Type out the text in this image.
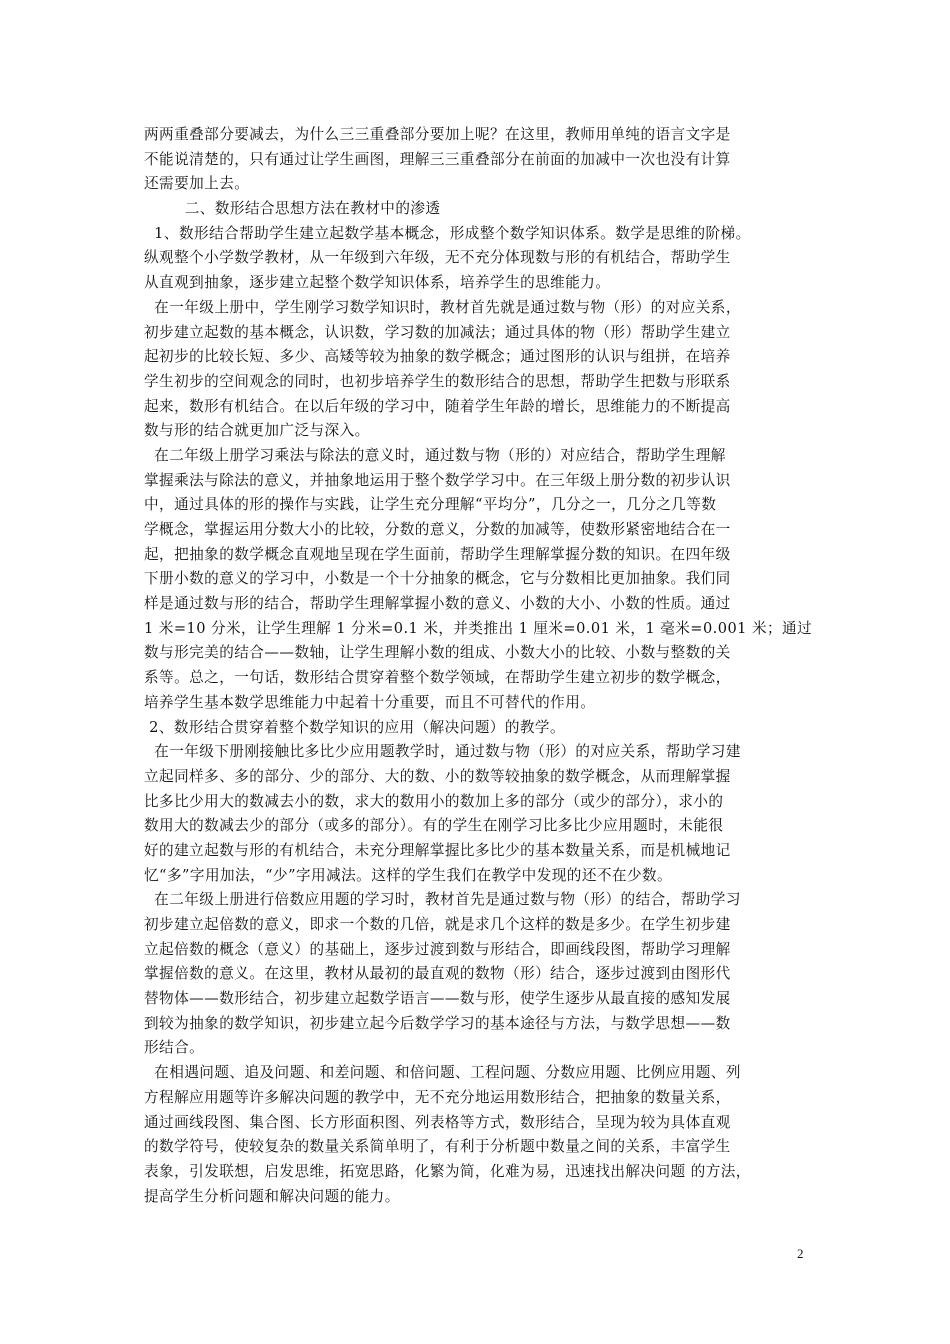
两两重叠部分要减去，为什么三三重叠部分要加上呢？在这里，教师用单纯的语言文字是
不能说清楚的，只有通过让学生画图，理解三三重叠部分在前面的加减中一次也没有计算
还需要加上去。
二、数形结合思想方法在教材中的渗透
1、数形结合帮助学生建立起数学基本概念，形成整个数学知识体系。数学是思维的阶梯。
纵观整个小学数学教材，从一年级到六年级，无不充分体现数与形的有机结合，帮助学生
从直观到抽象，逐步建立起整个数学知识体系，培养学生的思维能力。
在一年级上册中，学生刚学习数学知识时，教材首先就是通过数与物（形）的对应关系，
初步建立起数的基本概念，认识数，学习数的加减法；通过具体的物（形）帮助学生建立
起初步的比较长短、多少、高矮等较为抽象的数学概念；通过图形的认识与组拼，在培养
学生初步的空间观念的同时，也初步培养学生的数形结合的思想，帮助学生把数与形联系
起来，数形有机结合。在以后年级的学习中，随着学生年龄的增长，思维能力的不断提高
数与形的结合就更加广泛与深入。
在二年级上册学习乘法与除法的意义时，通过数与物（形的）对应结合，帮助学生理解
掌握乘法与除法的意义，并抽象地运用于整个数学学习中。在三年级上册分数的初步认识
中，通过具体的形的操作与实践，让学生充分理解“平均分”，几分之一，几分之几等数
学概念，掌握运用分数大小的比较，分数的意义，分数的加减等，使数形紧密地结合在一
起，把抽象的数学概念直观地呈现在学生面前，帮助学生理解掌握分数的知识。在四年级
下册小数的意义的学习中，小数是一个十分抽象的概念，它与分数相比更加抽象。我们同
样是通过数与形的结合，帮助学生理解掌握小数的意义、小数的大小、小数的性质。通过
1 米=10 分米，让学生理解 1 分米=0.1 米，并类推出 1 厘米=0.01 米，1 毫米=0.001 米；通过
数与形完美的结合——数轴，让学生理解小数的组成、小数大小的比较、小数与整数的关
系等。总之，一句话，数形结合贯穿着整个数学领域，在帮助学生建立初步的数学概念，
培养学生基本数学思维能力中起着十分重要，而且不可替代的作用。
2、数形结合贯穿着整个数学知识的应用（解决问题）的教学。
在一年级下册刚接触比多比少应用题教学时，通过数与物（形）的对应关系，帮助学习建
立起同样多、多的部分、少的部分、大的数、小的数等较抽象的数学概念，从而理解掌握
比多比少用大的数减去小的数，求大的数用小的数加上多的部分（或少的部分），求小的
数用大的数减去少的部分（或多的部分）。有的学生在刚学习比多比少应用题时，未能很
好的建立起数与形的有机结合，未充分理解掌握比多比少的基本数量关系，而是机械地记
忆“多”字用加法，“少”字用减法。这样的学生我们在教学中发现的还不在少数。
在二年级上册进行倍数应用题的学习时，教材首先是通过数与物（形）的结合，帮助学习
初步建立起倍数的意义，即求一个数的几倍，就是求几个这样的数是多少。在学生初步建
立起倍数的概念（意义）的基础上，逐步过渡到数与形结合，即画线段图，帮助学习理解
掌握倍数的意义。在这里，教材从最初的最直观的数物（形）结合，逐步过渡到由图形代
替物体——数形结合，初步建立起数学语言——数与形，使学生逐步从最直接的感知发展
到较为抽象的数学知识，初步建立起今后数学学习的基本途径与方法，与数学思想——数
形结合。
在相遇问题、追及问题、和差问题、和倍问题、工程问题、分数应用题、比例应用题、列
方程解应用题等许多解决问题的教学中，无不充分地运用数形结合，把抽象的数量关系，
通过画线段图、集合图、长方形面积图、列表格等方式，数形结合，呈现为较为具体直观
的数学符号，使较复杂的数量关系简单明了，有利于分析题中数量之间的关系，丰富学生
表象，引发联想，启发思维，拓宽思路，化繁为简，化难为易，迅速找出解决问题 的方法，
提高学生分析问题和解决问题的能力。
2
